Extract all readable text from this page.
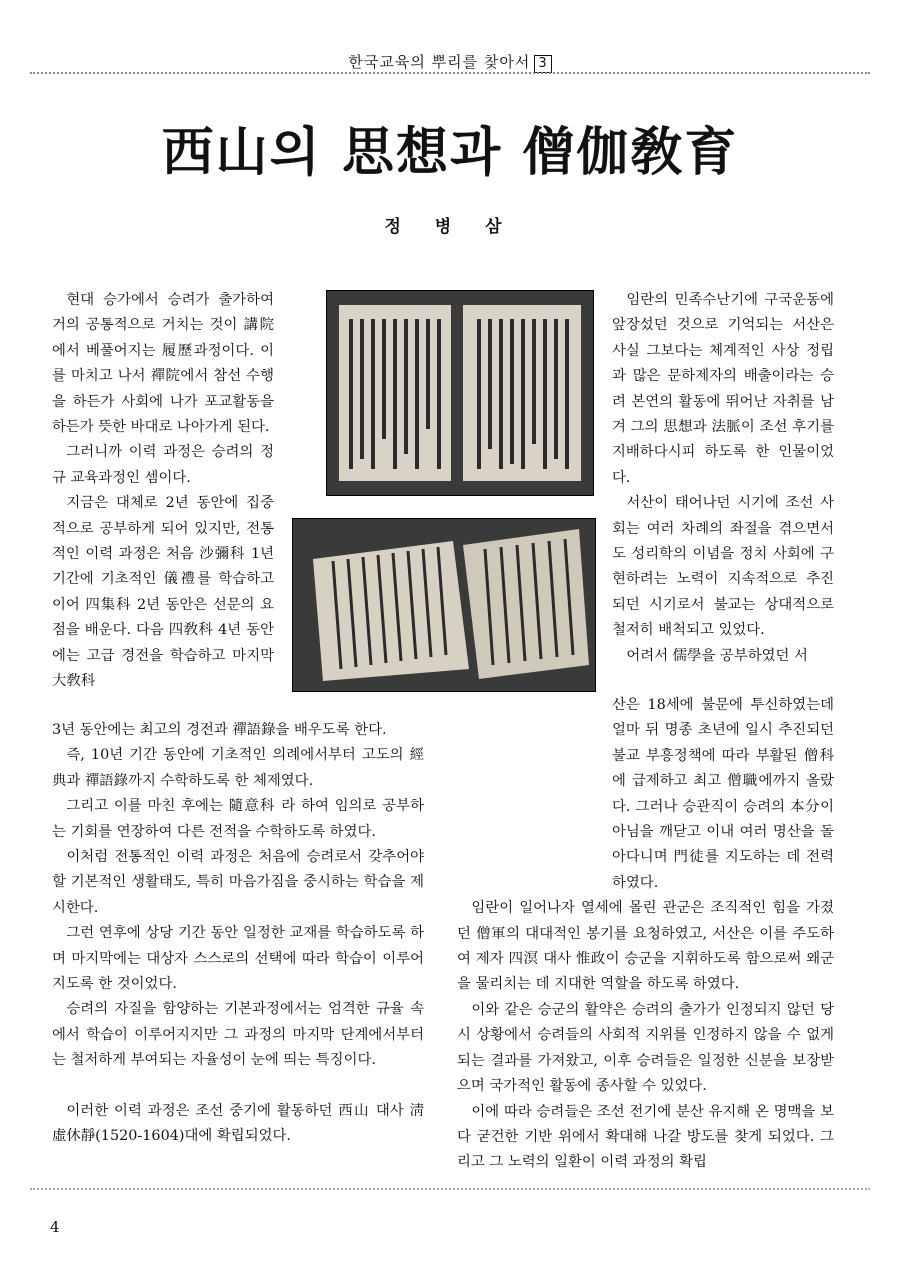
한국교육의 뿌리를 찾아서 3
西山의 思想과 僧伽敎育
정 병 삼

현대 승가에서 승려가 출가하여 거의 공통적으로 거치는 것이 講院에서 베풀어지는 履歷과정이다. 이를 마치고 나서 禪院에서 참선 수행을 하든가 사회에 나가 포교활동을 하든가 뜻한 바대로 나아가게 된다.

그러니까 이력 과정은 승려의 정규 교육과정인 셈이다.

지금은 대체로 2년 동안에 집중적으로 공부하게 되어 있지만, 전통적인 이력 과정은 처음 沙彌科 1년 기간에 기초적인 儀禮를 학습하고 이어 四集科 2년 동안은 선문의 요점을 배운다. 다음 四敎科 4년 동안에는 고급 경전을 학습하고 마지막 大敎科

임란의 민족수난기에 구국운동에 앞장섰던 것으로 기억되는 서산은 사실 그보다는 체계적인 사상 정립과 많은 문하제자의 배출이라는 승려 본연의 활동에 뛰어난 자취를 남겨 그의 思想과 法脈이 조선 후기를 지배하다시피 하도록 한 인물이었다.

서산이 태어나던 시기에 조선 사회는 여러 차례의 좌절을 겪으면서도 성리학의 이념을 정치 사회에 구현하려는 노력이 지속적으로 추진되던 시기로서 불교는 상대적으로 철저히 배척되고 있었다.

어려서 儒學을 공부하였던 서

3년 동안에는 최고의 경전과 禪語錄을 배우도록 한다.

즉, 10년 기간 동안에 기초적인 의례에서부터 고도의 經典과 禪語錄까지 수학하도록 한 체제였다.

그리고 이를 마친 후에는 隨意科 라 하여 임의로 공부하는 기회를 연장하여 다른 전적을 수학하도록 하였다.

이처럼 전통적인 이력 과정은 처음에 승려로서 갖추어야 할 기본적인 생활태도, 특히 마음가짐을 중시하는 학습을 제시한다.

그런 연후에 상당 기간 동안 일정한 교재를 학습하도록 하며 마지막에는 대상자 스스로의 선택에 따라 학습이 이루어지도록 한 것이었다.

승려의 자질을 함양하는 기본과정에서는 엄격한 규율 속에서 학습이 이루어지지만 그 과정의 마지막 단계에서부터는 철저하게 부여되는 자율성이 눈에 띄는 특징이다.

이러한 이력 과정은 조선 중기에 활동하던 西山 대사 淸虛休靜(1520-1604)대에 확립되었다.

산은 18세에 불문에 투신하였는데 얼마 뒤 명종 초년에 일시 추진되던 불교 부흥정책에 따라 부활된 僧科에 급제하고 최고 僧職에까지 올랐다. 그러나 승관직이 승려의 本分이 아님을 깨닫고 이내 여러 명산을 돌아다니며 門徒를 지도하는 데 전력하였다.

임란이 일어나자 열세에 몰린 관군은 조직적인 힘을 가졌던 僧軍의 대대적인 봉기를 요청하였고, 서산은 이를 주도하여 제자 四溟 대사 惟政이 승군을 지휘하도록 함으로써 왜군을 물리치는 데 지대한 역할을 하도록 하였다.

이와 같은 승군의 활약은 승려의 출가가 인정되지 않던 당시 상황에서 승려들의 사회적 지위를 인정하지 않을 수 없게 되는 결과를 가져왔고, 이후 승려들은 일정한 신분을 보장받으며 국가적인 활동에 종사할 수 있었다.

이에 따라 승려들은 조선 전기에 분산 유지해 온 명맥을 보다 굳건한 기반 위에서 확대해 나갈 방도를 찾게 되었다. 그리고 그 노력의 일환이 이력 과정의 확립

4
